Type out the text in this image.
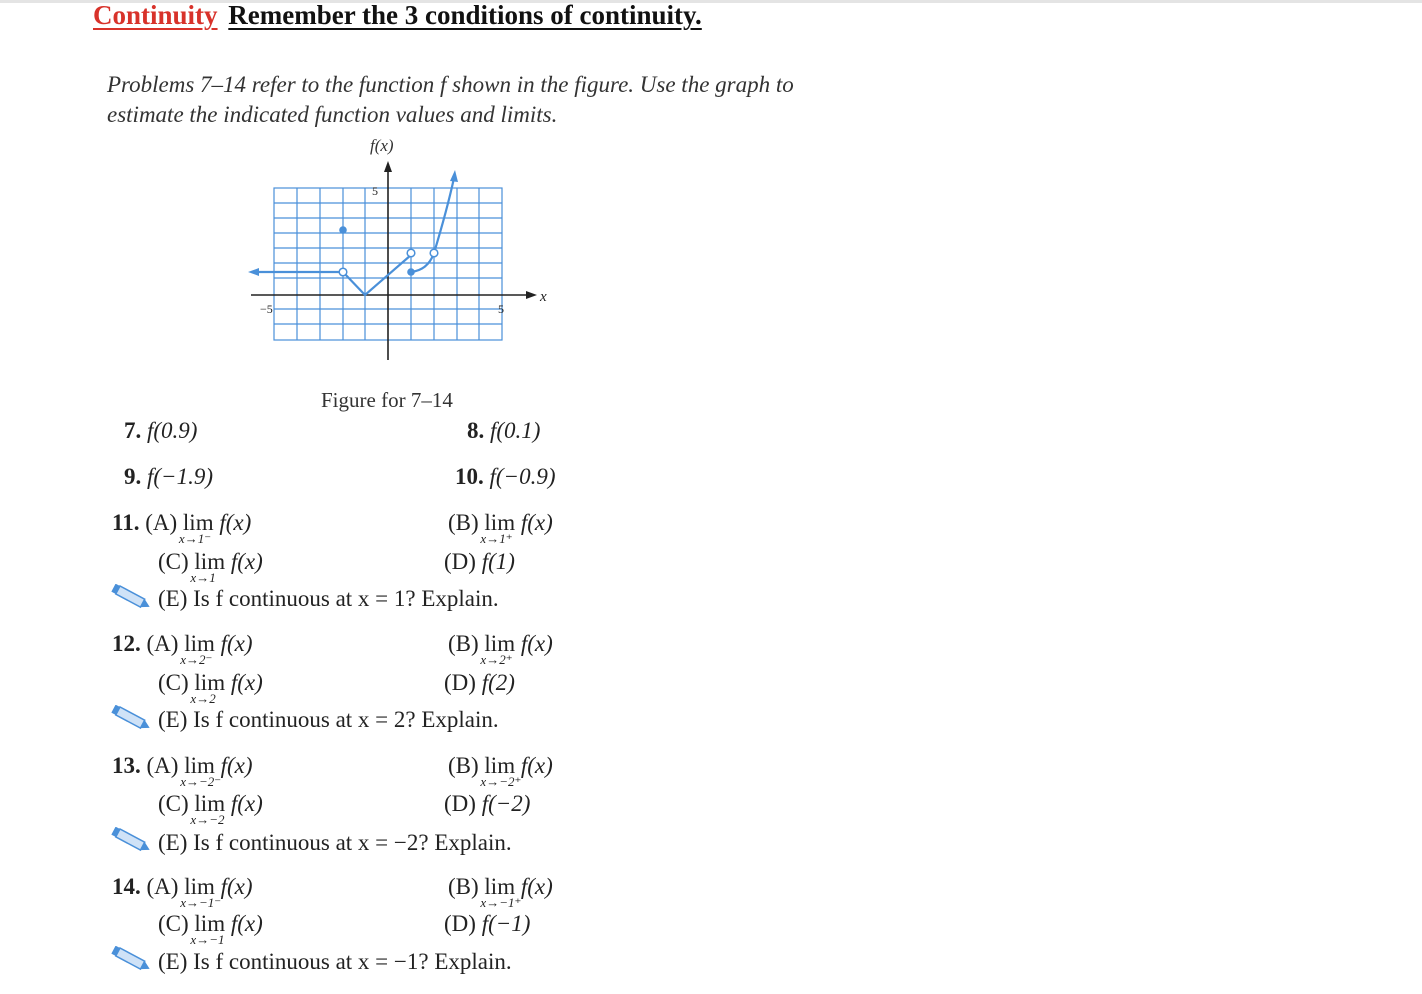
Continuity Remember the 3 conditions of continuity.
Problems 7–14 refer to the function f shown in the figure. Use the graph to estimate the indicated function values and limits.
f(x)
x
5
−5	5
Figure for 7–14
7. f(0.9)	8. f(0.1)
9. f(−1.9)	10. f(−0.9)
11. (A) lim
x→1⁻
f(x)	(B) lim
x→1⁺
f(x)
(C) lim
x→1
f(x)	(D) f(1)
(E) Is f continuous at x = 1? Explain.
12. (A) lim
x→2⁻
f(x)	(B) lim
x→2⁺
f(x)
(C) lim
x→2
f(x)	(D) f(2)
(E) Is f continuous at x = 2? Explain.
13. (A) lim
x→−2⁻
f(x)	(B) lim
x→−2⁺
f(x)
(C) lim
x→−2
f(x)	(D) f(−2)
(E) Is f continuous at x = −2? Explain.
14. (A) lim
x→−1⁻
f(x)	(B) lim
x→−1⁺
f(x)
(C) lim
x→−1
f(x)	(D) f(−1)
(E) Is f continuous at x = −1? Explain.
